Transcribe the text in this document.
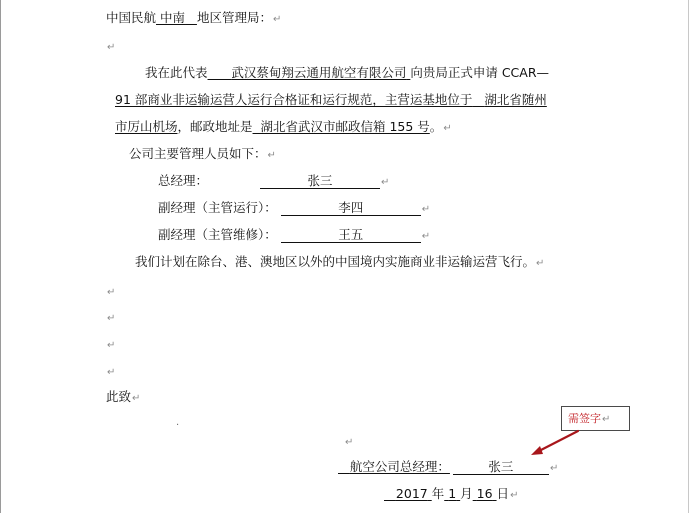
中国民航 中南 地区管理局：↵
↵
我在此代表 武汉蔡甸翔云通用航空有限公司 向贵局正式申请 CCAR—
91 部商业非运输运营人运行合格证和运行规范，主营运基地位于 湖北省随州
市厉山机场，邮政地址是 湖北省武汉市邮政信箱 155 号。↵
公司主要管理人员如下：↵
总经理：	张三	↵
副经理（主管运行）：	李四	↵
副经理（主管维修）：	王五	↵
我们计划在除台、港、澳地区以外的中国境内实施商业非运输运营飞行。↵
↵
↵
↵
↵
此致↵
·
↵
航空公司总经理：	张三	↵
2017 年 1 月 16 日↵
需签字↵
